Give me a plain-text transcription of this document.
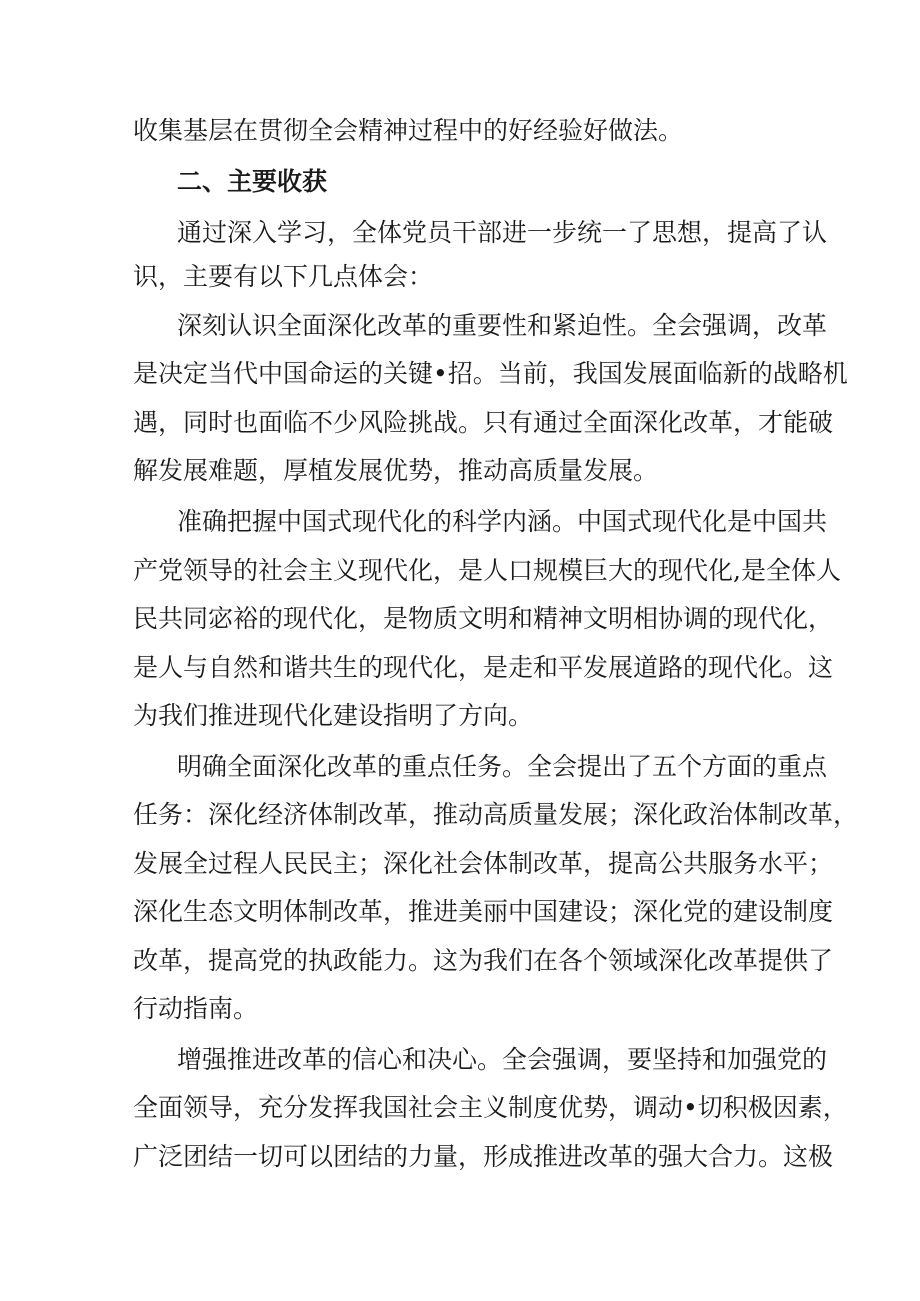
收集基层在贯彻全会精神过程中的好经验好做法。

二、主要收获

通过深入学习，全体党员干部进一步统一了思想，提高了认

识，主要有以下几点体会：

深刻认识全面深化改革的重要性和紧迫性。全会强调，改革

是决定当代中国命运的关键•招。当前，我国发展面临新的战略机

遇，同时也面临不少风险挑战。只有通过全面深化改革，才能破

解发展难题，厚植发展优势，推动高质量发展。

准确把握中国式现代化的科学内涵。中国式现代化是中国共

产党领导的社会主义现代化，是人口规模巨大的现代化,是全体人

民共同宓裕的现代化，是物质文明和精神文明相协调的现代化，

是人与自然和谐共生的现代化，是走和平发展道路的现代化。这

为我们推进现代化建设指明了方向。

明确全面深化改革的重点任务。全会提出了五个方面的重点

任务：深化经济体制改革，推动高质量发展；深化政治体制改革，

发展全过程人民民主；深化社会体制改革，提高公共服务水平；

深化生态文明体制改革，推进美丽中国建设；深化党的建设制度

改革，提高党的执政能力。这为我们在各个领域深化改革提供了

行动指南。

增强推进改革的信心和决心。全会强调，要坚持和加强党的

全面领导，充分发挥我国社会主义制度优势，调动•切积极因素，

广泛团结一切可以团结的力量，形成推进改革的强大合力。这极
